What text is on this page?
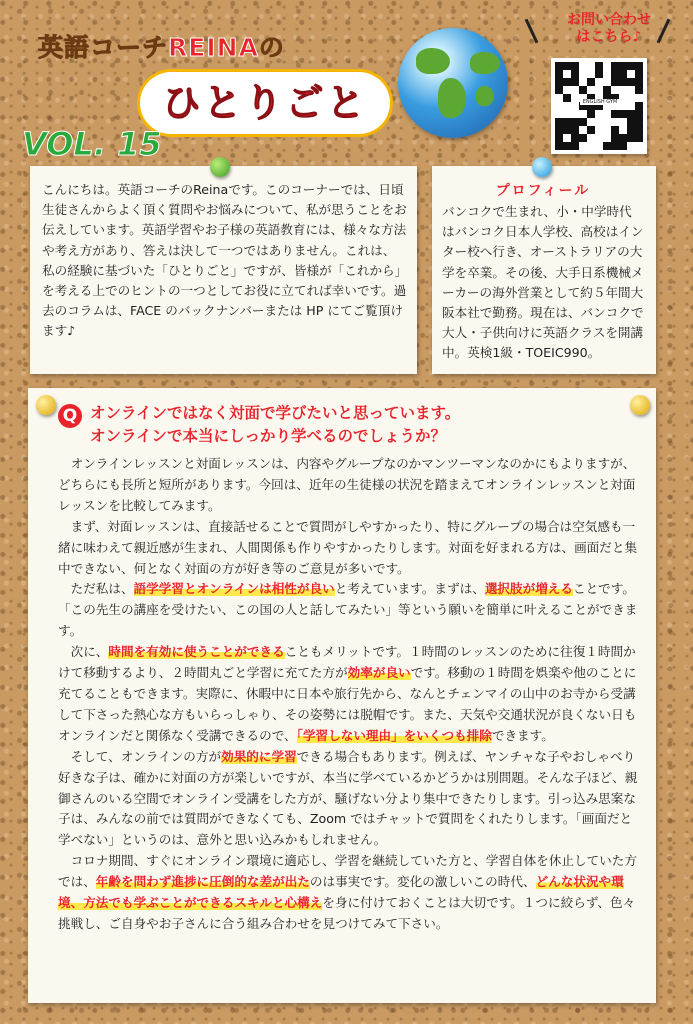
英語コーチREINAの
ひとりごと
VOL. 15
お問い合わせ
はこちら♪
ENGLISH GYM

こんにちは。英語コーチのReinaです。このコーナーでは、日頃生徒さんからよく頂く質問やお悩みについて、私が思うことをお伝えしています。英語学習やお子様の英語教育には、様々な方法や考え方があり、答えは決して一つではありません。これは、私の経験に基づいた「ひとりごと」ですが、皆様が「これから」を考える上でのヒントの一つとしてお役に立てれば幸いです。過去のコラムは、FACE のバックナンバーまたは HP にてご覧頂けます♪

プロフィール

バンコクで生まれ、小・中学時代はバンコク日本人学校、高校はインター校へ行き、オーストラリアの大学を卒業。その後、大手日系機械メーカーの海外営業として約５年間大阪本社で勤務。現在は、バンコクで大人・子供向けに英語クラスを開講中。英検1級・TOEIC990。

Q オンラインではなく対面で学びたいと思っています。

オンラインで本当にしっかり学べるのでしょうか？

オンラインレッスンと対面レッスンは、内容やグループなのかマンツーマンなのかにもよりますが、どちらにも長所と短所があります。今回は、近年の生徒様の状況を踏まえてオンラインレッスンと対面レッスンを比較してみます。

まず、対面レッスンは、直接話せることで質問がしやすかったり、特にグループの場合は空気感も一緒に味わえて親近感が生まれ、人間関係も作りやすかったりします。対面を好まれる方は、画面だと集中できない、何となく対面の方が好き等のご意見が多いです。

ただ私は、語学学習とオンラインは相性が良いと考えています。まずは、選択肢が増えることです。「この先生の講座を受けたい、この国の人と話してみたい」等という願いを簡単に叶えることができます。

次に、時間を有効に使うことができることもメリットです。１時間のレッスンのために往復１時間かけて移動するより、２時間丸ごと学習に充てた方が効率が良いです。移動の１時間を娯楽や他のことに充てることもできます。実際に、休暇中に日本や旅行先から、なんとチェンマイの山中のお寺から受講して下さった熱心な方もいらっしゃり、その姿勢には脱帽です。また、天気や交通状況が良くない日もオンラインだと関係なく受講できるので、「学習しない理由」をいくつも排除できます。

そして、オンラインの方が効果的に学習できる場合もあります。例えば、ヤンチャな子やおしゃべり好きな子は、確かに対面の方が楽しいですが、本当に学べているかどうかは別問題。そんな子ほど、親御さんのいる空間でオンライン受講をした方が、騒げない分より集中できたりします。引っ込み思案な子は、みんなの前では質問ができなくても、Zoom ではチャットで質問をくれたりします。「画面だと学べない」というのは、意外と思い込みかもしれません。

コロナ期間、すぐにオンライン環境に適応し、学習を継続していた方と、学習自体を休止していた方では、年齢を問わず進捗に圧倒的な差が出たのは事実です。変化の激しいこの時代、どんな状況や環境、方法でも学ぶことができるスキルと心構えを身に付けておくことは大切です。１つに絞らず、色々挑戦し、ご自身やお子さんに合う組み合わせを見つけてみて下さい。
